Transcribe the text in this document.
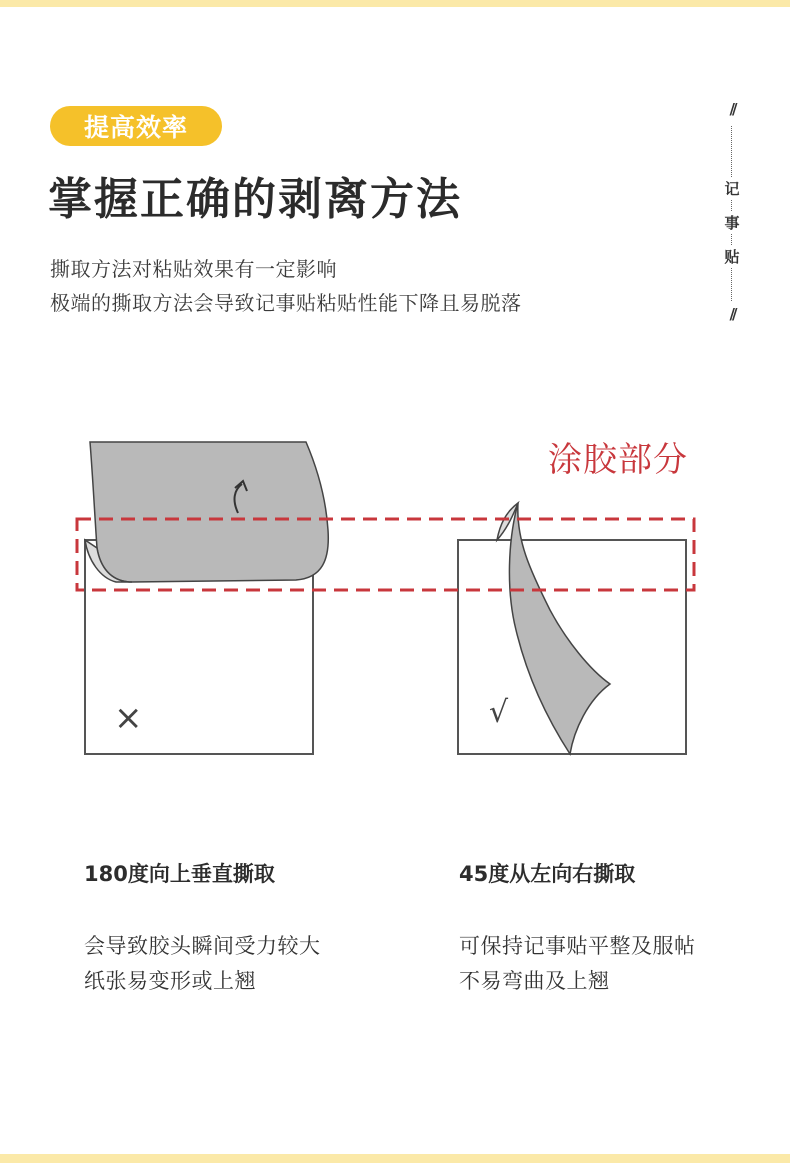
提高效率
掌握正确的剥离方法
撕取方法对粘贴效果有一定影响
极端的撕取方法会导致记事贴粘贴性能下降且易脱落
//
记
事
贴
//
涂胶部分
×	√
180度向上垂直撕取	45度从左向右撕取
会导致胶头瞬间受力较大
纸张易变形或上翘
可保持记事贴平整及服帖
不易弯曲及上翘
